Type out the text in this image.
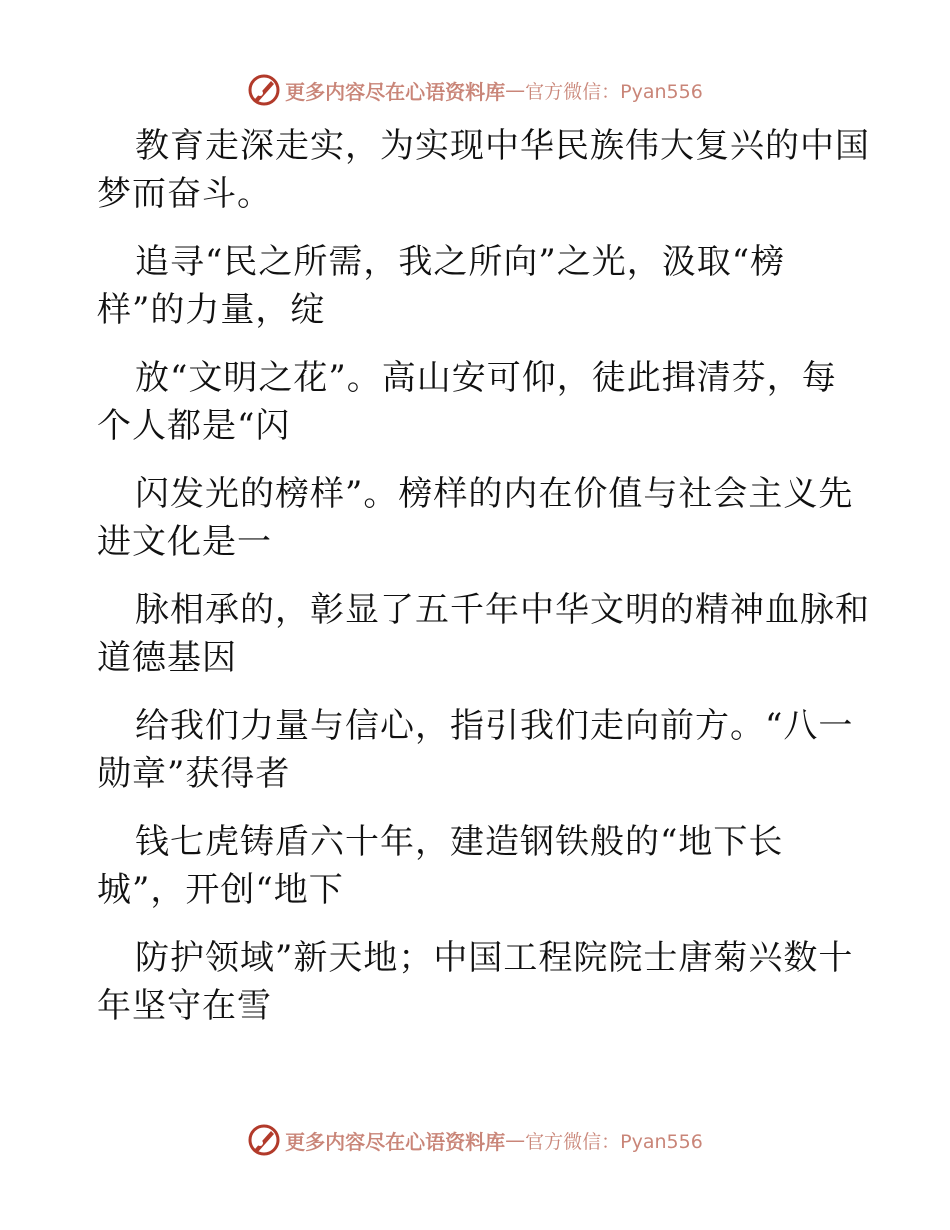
更多内容尽在心语资料库 — 官方微信：Pyan556
教育走深走实，为实现中华民族伟大复兴的中国
梦而奋斗。
追寻“民之所需，我之所向”之光，汲取“榜
样”的力量，绽
放“文明之花”。高山安可仰，徒此揖清芬，每
个人都是“闪
闪发光的榜样”。榜样的内在价值与社会主义先
进文化是一
脉相承的，彰显了五千年中华文明的精神血脉和
道德基因
给我们力量与信心，指引我们走向前方。“八一
勋章”获得者
钱七虎铸盾六十年，建造钢铁般的“地下长
城”，开创“地下
防护领域”新天地；中国工程院院士唐菊兴数十
年坚守在雪
更多内容尽在心语资料库 — 官方微信：Pyan556
